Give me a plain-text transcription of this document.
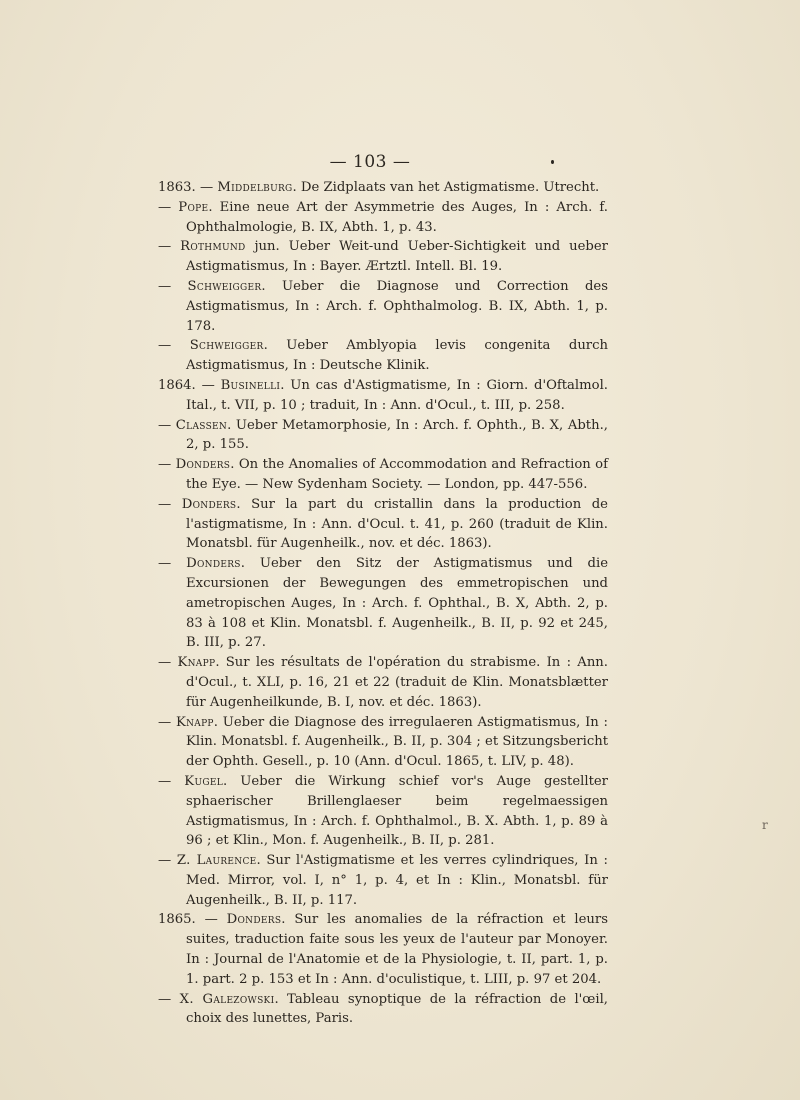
— 103 —
1863. — Middelburg. De Zidplaats van het Astigmatisme. Utrecht.
— Pope. Eine neue Art der Asymmetrie des Auges, In : Arch. f. Ophthalmologie, B. IX, Abth. 1, p. 43.
— Rothmund jun. Ueber Weit-und Ueber-Sichtigkeit und ueber Astigmatismus, In : Bayer. Ærtztl. Intell. Bl. 19.
— Schweigger. Ueber die Diagnose und Correction des Astigmatismus, In : Arch. f. Ophthalmolog. B. IX, Abth. 1, p. 178.
— Schweigger. Ueber Amblyopia levis congenita durch Astigmatismus, In : Deutsche Klinik.
1864. — Businelli. Un cas d'Astigmatisme, In : Giorn. d'Oftalmol. Ital., t. VII, p. 10 ; traduit, In : Ann. d'Ocul., t. III, p. 258.
— Classen. Ueber Metamorphosie, In : Arch. f. Ophth., B. X, Abth., 2, p. 155.
— Donders. On the Anomalies of Accommodation and Refraction of the Eye. — New Sydenham Society. — London, pp. 447-556.
— Donders. Sur la part du cristallin dans la production de l'astigmatisme, In : Ann. d'Ocul. t. 41, p. 260 (traduit de Klin. Monatsbl. für Augenheilk., nov. et déc. 1863).
— Donders. Ueber den Sitz der Astigmatismus und die Excursionen der Bewegungen des emmetropischen und ametropischen Auges, In : Arch. f. Ophthal., B. X, Abth. 2, p. 83 à 108 et Klin. Monatsbl. f. Augenheilk., B. II, p. 92 et 245, B. III, p. 27.
— Knapp. Sur les résultats de l'opération du strabisme. In : Ann. d'Ocul., t. XLI, p. 16, 21 et 22 (traduit de Klin. Monatsblætter für Augenheilkunde, B. I, nov. et déc. 1863).
— Knapp. Ueber die Diagnose des irregulaeren Astigmatismus, In : Klin. Monatsbl. f. Augenheilk., B. II, p. 304 ; et Sitzungsbericht der Ophth. Gesell., p. 10 (Ann. d'Ocul. 1865, t. LIV, p. 48).
— Kugel. Ueber die Wirkung schief vor's Auge gestellter sphaerischer Brillenglaeser beim regelmaessigen Astigmatismus, In : Arch. f. Ophthalmol., B. X. Abth. 1, p. 89 à 96 ; et Klin., Mon. f. Augenheilk., B. II, p. 281.
— Z. Laurence. Sur l'Astigmatisme et les verres cylindriques, In : Med. Mirror, vol. I, n° 1, p. 4, et In : Klin., Monatsbl. für Augenheilk., B. II, p. 117.
1865. — Donders. Sur les anomalies de la réfraction et leurs suites, traduction faite sous les yeux de l'auteur par Monoyer. In : Journal de l'Anatomie et de la Physiologie, t. II, part. 1, p. 1. part. 2 p. 153 et In : Ann. d'oculistique, t. LIII, p. 97 et 204.
— X. Galezowski. Tableau synoptique de la réfraction de l'œil, choix des lunettes, Paris.
r
